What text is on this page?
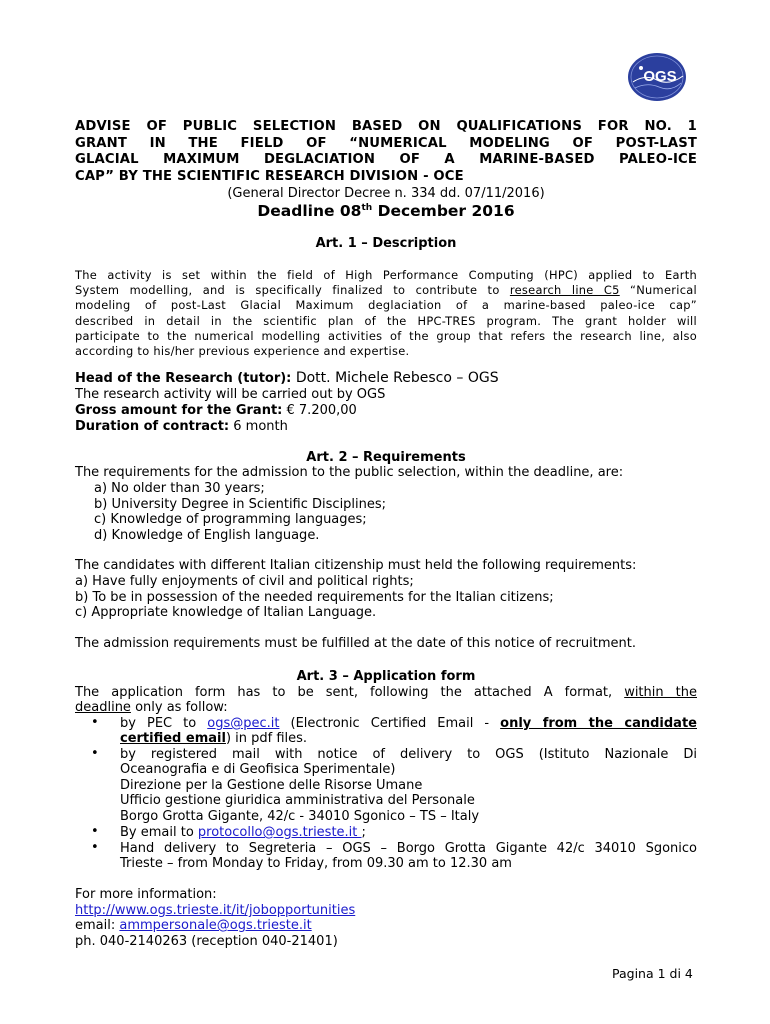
OGS
ADVISE OF PUBLIC SELECTION BASED ON QUALIFICATIONS FOR NO. 1
GRANT IN THE FIELD OF “NUMERICAL MODELING OF POST-LAST
GLACIAL MAXIMUM DEGLACIATION OF A MARINE-BASED PALEO-ICE
CAP” BY THE SCIENTIFIC RESEARCH DIVISION - OCE
(General Director Decree n. 334 dd. 07/11/2016)
Deadline 08th December 2016
Art. 1 – Description
The activity is set within the field of High Performance Computing (HPC) applied to Earth
System modelling, and is specifically finalized to contribute to research line C5 “Numerical
modeling of post-Last Glacial Maximum deglaciation of a marine-based paleo-ice cap”
described in detail in the scientific plan of the HPC-TRES program. The grant holder will
participate to the numerical modelling activities of the group that refers the research line, also
according to his/her previous experience and expertise.
Head of the Research (tutor): Dott. Michele Rebesco – OGS
The research activity will be carried out by OGS
Gross amount for the Grant: € 7.200,00
Duration of contract: 6 month
Art. 2 – Requirements
The requirements for the admission to the public selection, within the deadline, are:
a) No older than 30 years;
b) University Degree in Scientific Disciplines;
c) Knowledge of programming languages;
d) Knowledge of English language.
The candidates with different Italian citizenship must held the following requirements:
a) Have fully enjoyments of civil and political rights;
b) To be in possession of the needed requirements for the Italian citizens;
c) Appropriate knowledge of Italian Language.
The admission requirements must be fulfilled at the date of this notice of recruitment.
Art. 3 – Application form
The application form has to be sent, following the attached A format, within the
deadline only as follow:
• by PEC to ogs@pec.it (Electronic Certified Email - only from the candidate
certified email) in pdf files.
• by registered mail with notice of delivery to OGS (Istituto Nazionale Di
Oceanografia e di Geofisica Sperimentale)
Direzione per la Gestione delle Risorse Umane
Ufficio gestione giuridica amministrativa del Personale
Borgo Grotta Gigante, 42/c - 34010 Sgonico – TS – Italy
• By email to protocollo@ogs.trieste.it ;
• Hand delivery to Segreteria – OGS – Borgo Grotta Gigante 42/c 34010 Sgonico
Trieste – from Monday to Friday, from 09.30 am to 12.30 am
For more information:
http://www.ogs.trieste.it/it/jobopportunities
email: ammpersonale@ogs.trieste.it
ph. 040-2140263 (reception 040-21401)
Pagina 1 di 4
